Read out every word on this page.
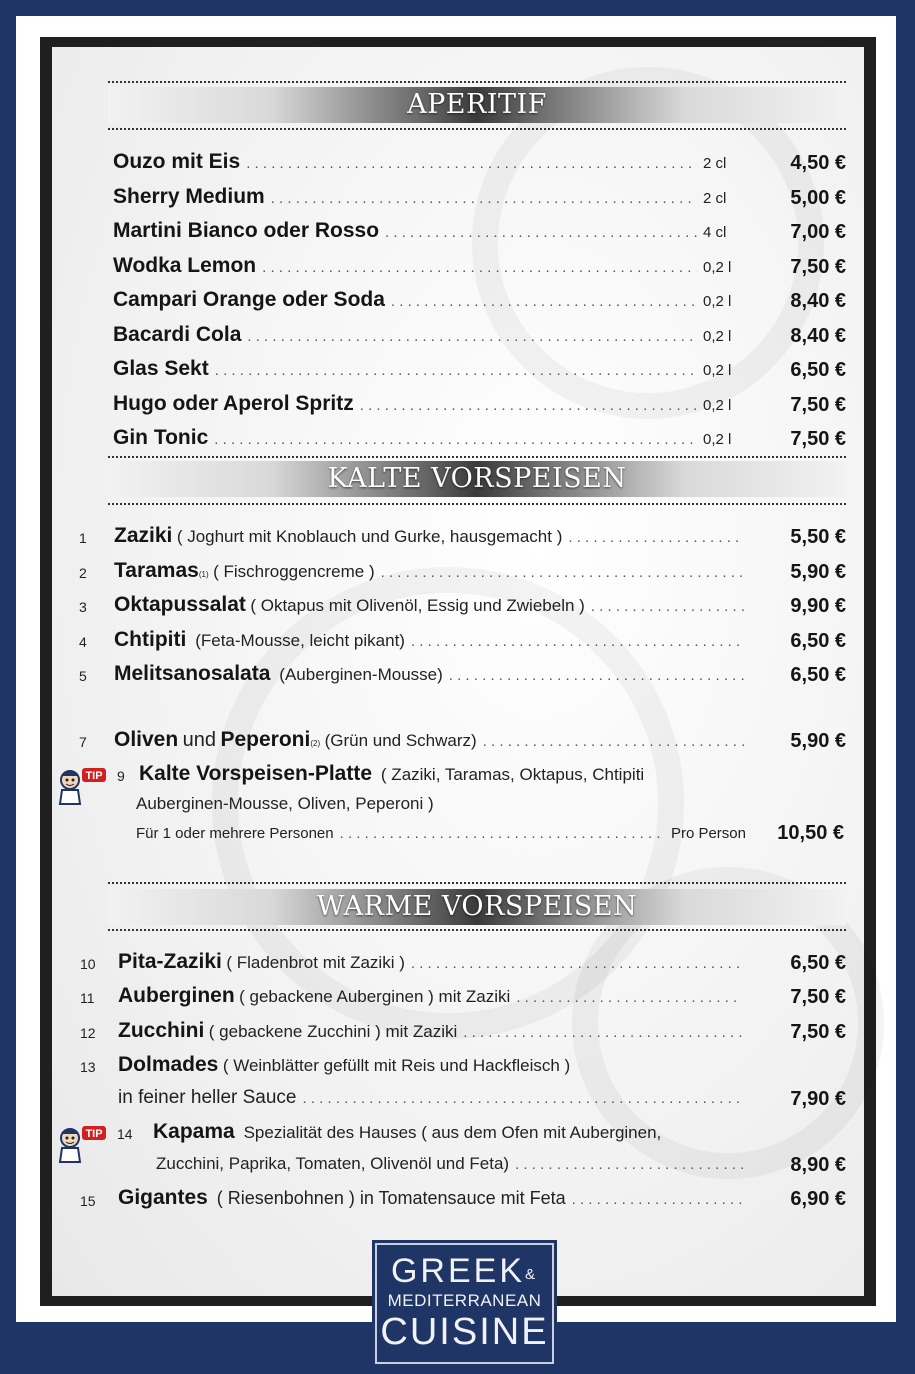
APERITIF
Ouzo mit Eis . . .	2 cl	4,50 €
Sherry Medium . . .	2 cl	5,00 €
Martini Bianco oder Rosso . . .	4 cl	7,00 €
Wodka Lemon . . .	0,2 l	7,50 €
Campari Orange oder Soda . . .	0,2 l	8,40 €
Bacardi Cola . . .	0,2 l	8,40 €
Glas Sekt . . .	0,2 l	6,50 €
Hugo oder Aperol Spritz . . .	0,2 l	7,50 €
Gin Tonic . . .	0,2 l	7,50 €
KALTE VORSPEISEN
1 Zaziki
( Joghurt mit Knoblauch und Gurke, hausgemacht ) . . .	5,50 €
2 Taramas (1)
( Fischroggencreme ) . . .	5,90 €
3 Oktapussalat
( Oktapus mit Olivenöl, Essig und Zwiebeln ) . . .	9,90 €
4 Chtipiti
(Feta-Mousse, leicht pikant) . . .	6,50 €
5 Melitsanosalata
(Auberginen-Mousse) . . .	6,50 €
7 Oliven
und
Peperoni (2)
(Grün und Schwarz) . . .	5,90 €
TIP 9 Kalte Vorspeisen-Platte
( Zaziki, Taramas, Oktapus, Chtipiti
Auberginen-Mousse, Oliven, Peperoni )
Für 1 oder mehrere Personen . . .	Pro Person 10,50 €
WARME VORSPEISEN
10 Pita-Zaziki
( Fladenbrot mit Zaziki ) . . .	6,50 €
11 Auberginen
( gebackene Auberginen ) mit Zaziki . . .	7,50 €
12 Zucchini
( gebackene Zucchini ) mit Zaziki . . .	7,50 €
13 Dolmades
( Weinblätter gefüllt mit Reis und Hackfleisch )
in feiner heller Sauce . . .	7,90 €
TIP 14 Kapama
Spezialität des Hauses ( aus dem Ofen mit Auberginen,
Zucchini, Paprika, Tomaten, Olivenöl und Feta) . . .	8,90 €
15 Gigantes
( Riesenbohnen ) in Tomatensauce mit Feta . . .	6,90 €
GREEK&
MEDITERRANEAN
CUISINE
